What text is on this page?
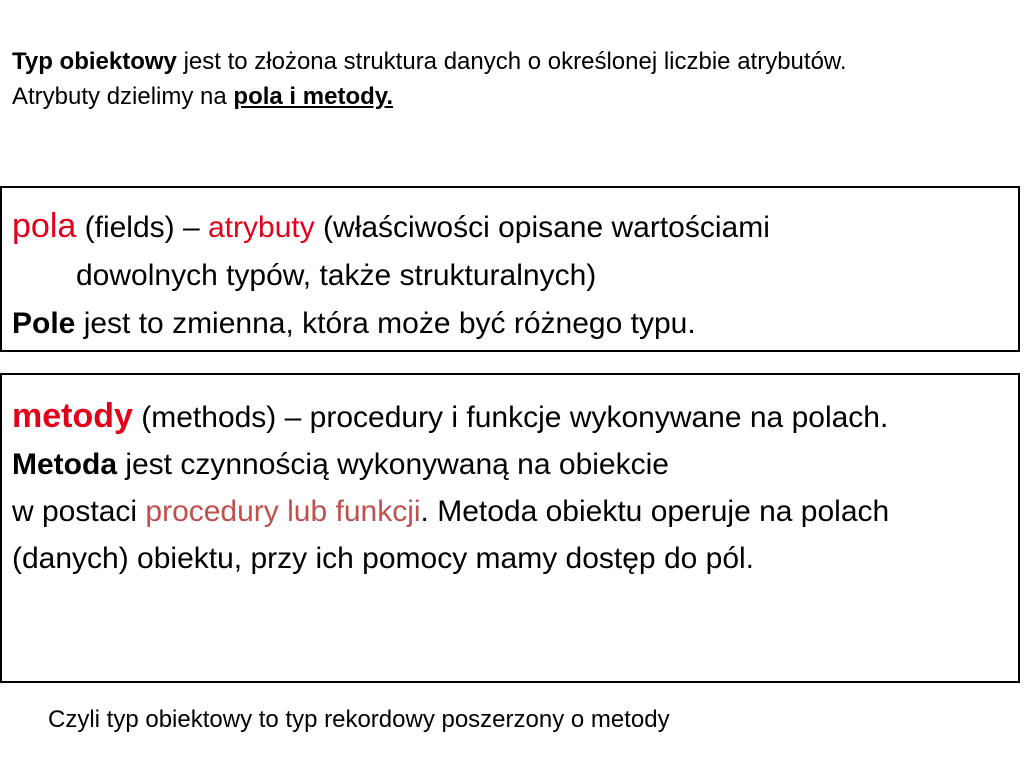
Typ obiektowy jest to złożona struktura danych o określonej liczbie atrybutów.

Atrybuty dzielimy na pola i metody.

pola (fields) – atrybuty (właściwości opisane wartościami

dowolnych typów, także strukturalnych)

Pole jest to zmienna, która może być różnego typu.

metody (methods) – procedury i funkcje wykonywane na polach.

Metoda jest czynnością wykonywaną na obiekcie
w postaci procedury lub funkcji. Metoda obiektu operuje na polach (danych) obiektu, przy ich pomocy mamy dostęp do pól.

Czyli typ obiektowy to typ rekordowy poszerzony o metody
